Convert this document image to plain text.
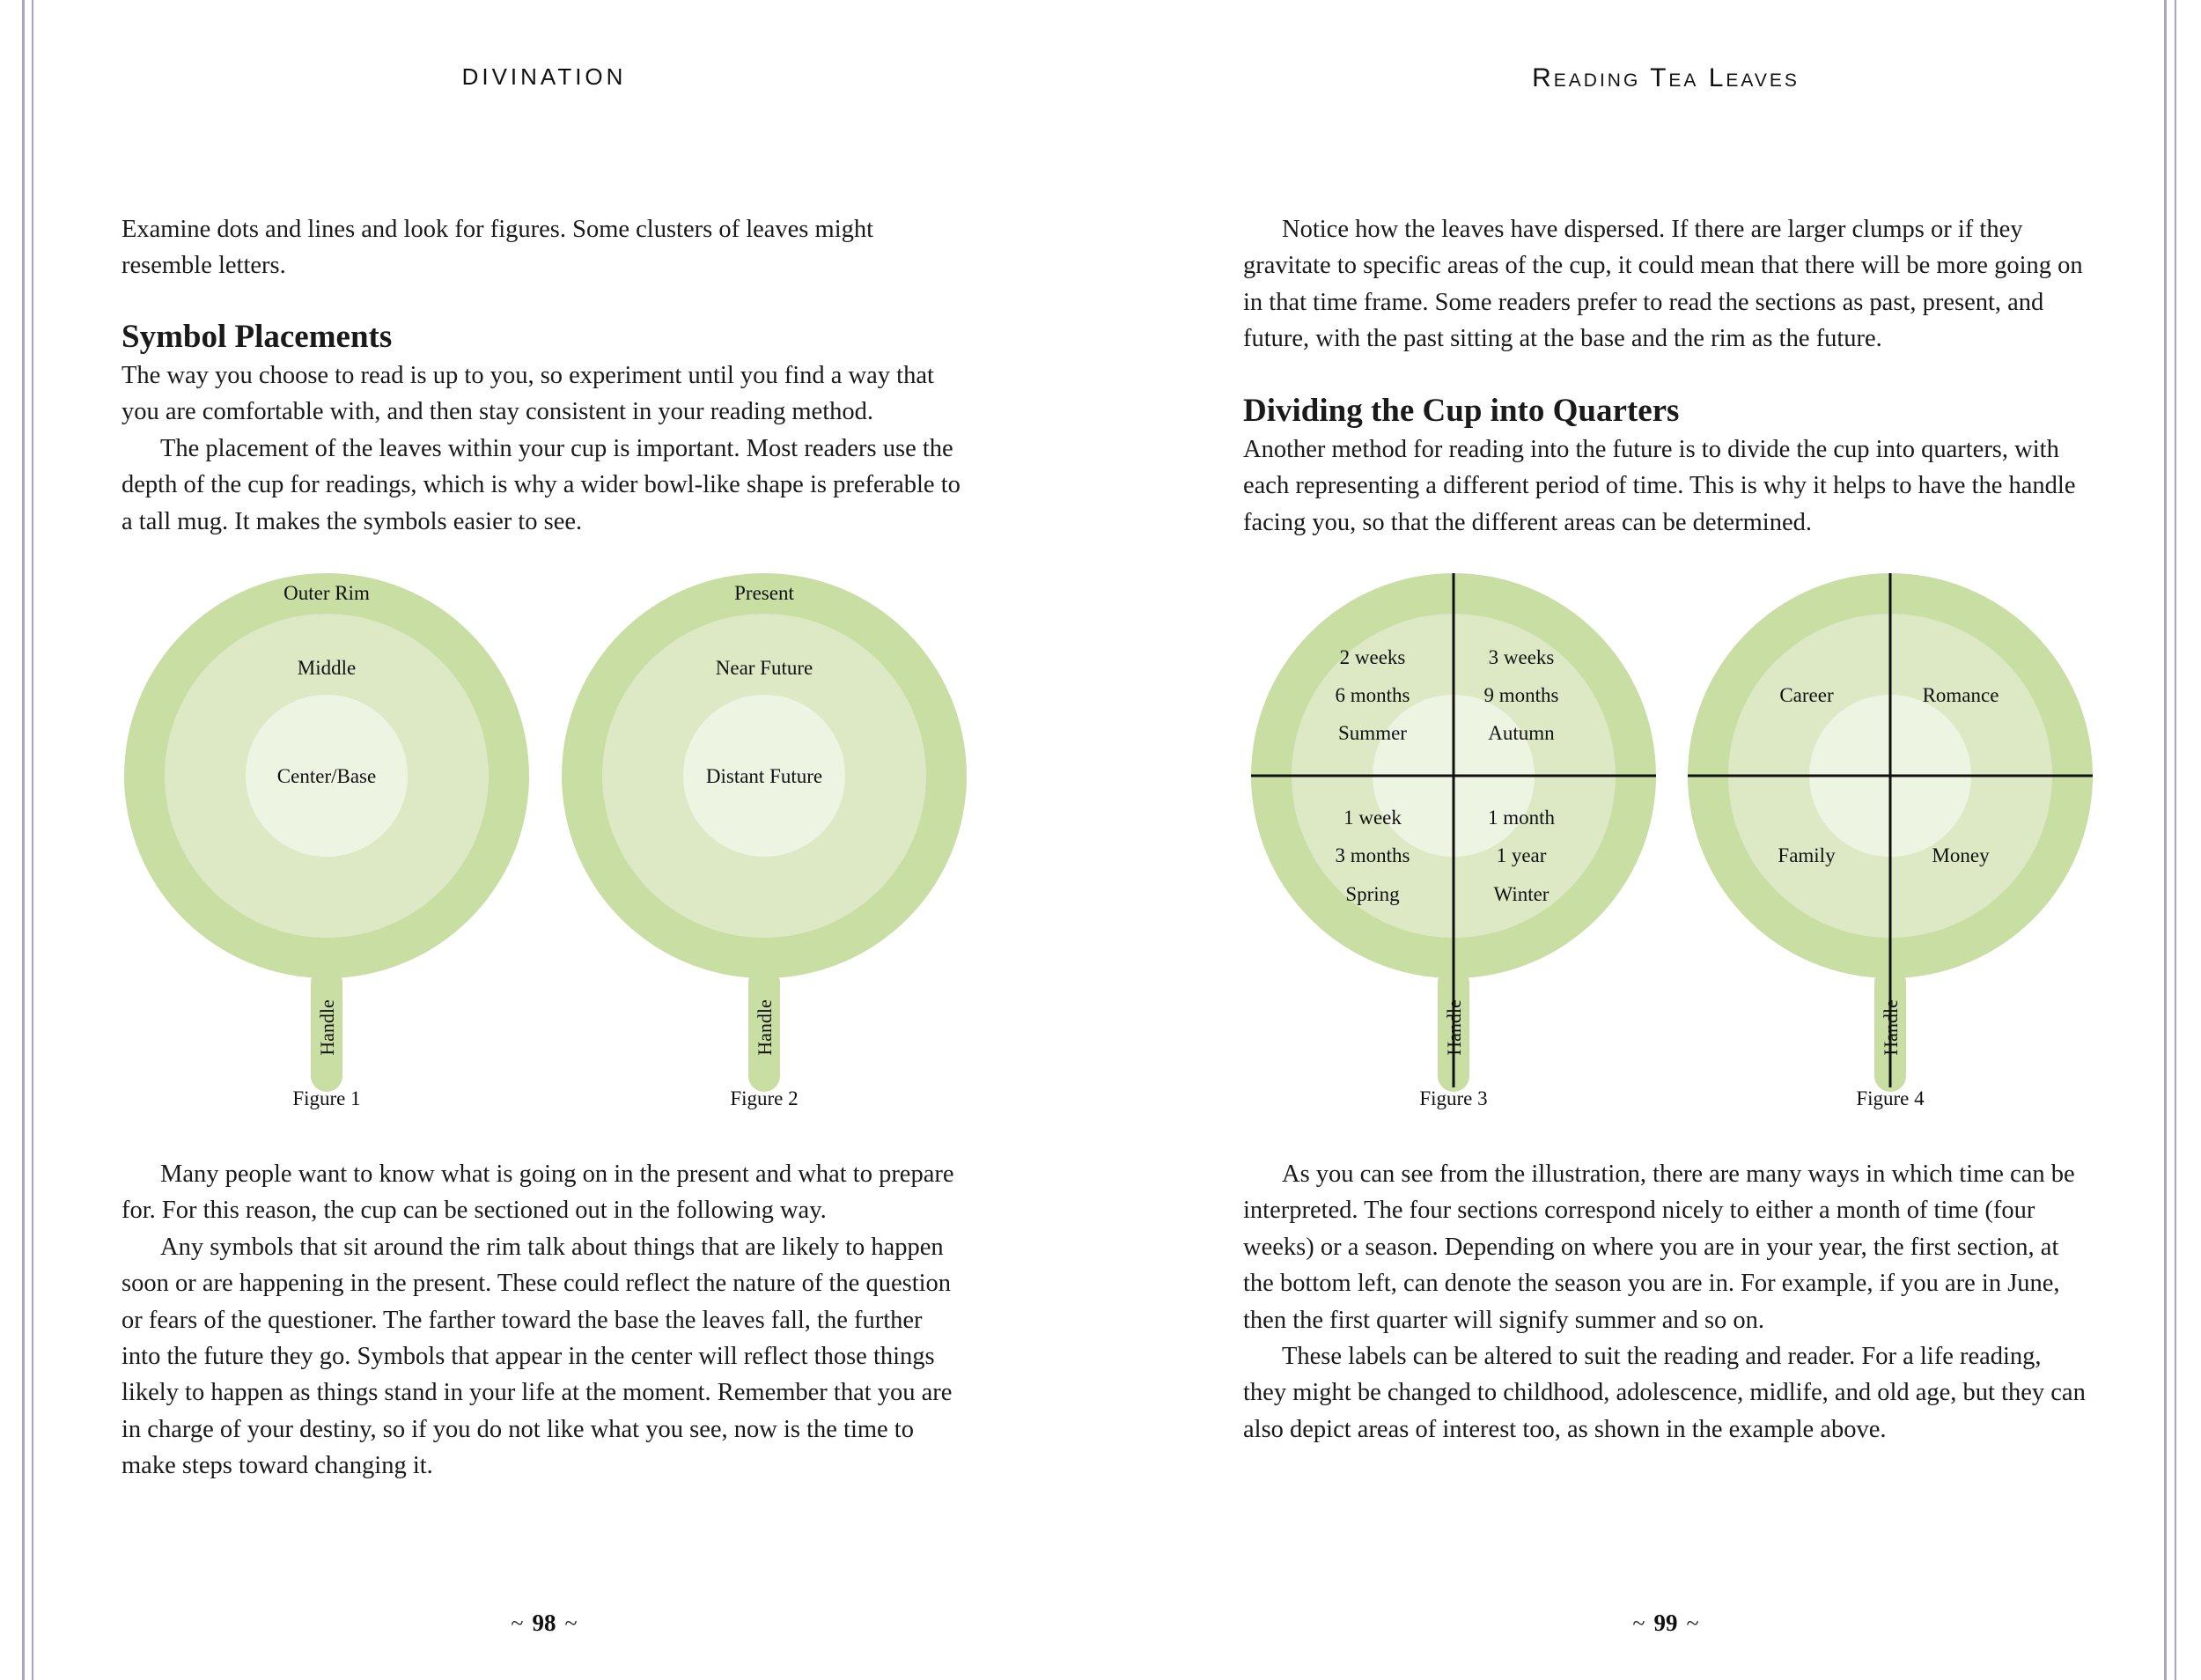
DIVINATION

Examine dots and lines and look for figures. Some clusters of leaves might resemble letters.

Symbol Placements

The way you choose to read is up to you, so experiment until you find a way that you are comfortable with, and then stay consistent in your reading method.

The placement of the leaves within your cup is important. Most readers use the depth of the cup for readings, which is why a wider bowl-like shape is preferable to a tall mug. It makes the symbols easier to see.

Outer Rim
Middle
Center/Base
Handle
Figure 1
Present
Near Future
Distant Future
Handle
Figure 2

Many people want to know what is going on in the present and what to prepare for. For this reason, the cup can be sectioned out in the following way.

Any symbols that sit around the rim talk about things that are likely to happen soon or are happening in the present. These could reflect the nature of the question or fears of the questioner. The farther toward the base the leaves fall, the further into the future they go. Symbols that appear in the center will reflect those things likely to happen as things stand in your life at the moment. Remember that you are in charge of your destiny, so if you do not like what you see, now is the time to make steps toward changing it.

~ 98 ~
Reading Tea Leaves

Notice how the leaves have dispersed. If there are larger clumps or if they gravitate to specific areas of the cup, it could mean that there will be more going on in that time frame. Some readers prefer to read the sections as past, present, and future, with the past sitting at the base and the rim as the future.

Dividing the Cup into Quarters

Another method for reading into the future is to divide the cup into quarters, with each representing a different period of time. This is why it helps to have the handle facing you, so that the different areas can be determined.

2 weeks
6 months
Summer
3 weeks
9 months
Autumn
1 week
3 months
Spring
1 month
1 year
Winter
Handle
Figure 3
Career	Romance
Family	Money
Handle
Figure 4

As you can see from the illustration, there are many ways in which time can be interpreted. The four sections correspond nicely to either a month of time (four weeks) or a season. Depending on where you are in your year, the first section, at the bottom left, can denote the season you are in. For example, if you are in June, then the first quarter will signify summer and so on.

These labels can be altered to suit the reading and reader. For a life reading, they might be changed to childhood, adolescence, midlife, and old age, but they can also depict areas of interest too, as shown in the example above.

~ 99 ~
